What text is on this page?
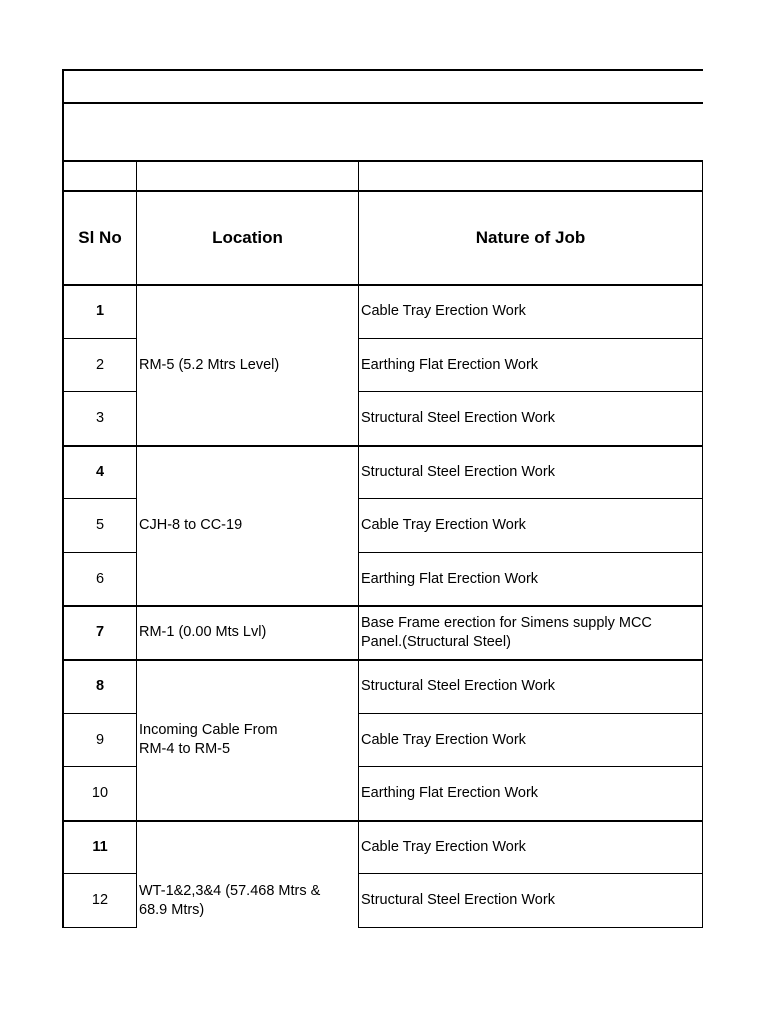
Sl No	Location	Nature of Job
1
2
3
4
5
6
7
8
9
10
11
12
RM-5 (5.2 Mtrs Level)
CJH-8 to CC-19
RM-1 (0.00 Mts Lvl)
Incoming Cable From
RM-4 to RM-5
WT-1&2,3&4 (57.468 Mtrs &
68.9 Mtrs)
Cable Tray Erection Work
Earthing Flat Erection Work
Structural Steel Erection Work
Structural Steel Erection Work
Cable Tray Erection Work
Earthing Flat Erection Work
Base Frame erection for Simens supply MCC Panel.(Structural Steel)
Structural Steel Erection Work
Cable Tray Erection Work
Earthing Flat Erection Work
Cable Tray Erection Work
Structural Steel Erection Work
